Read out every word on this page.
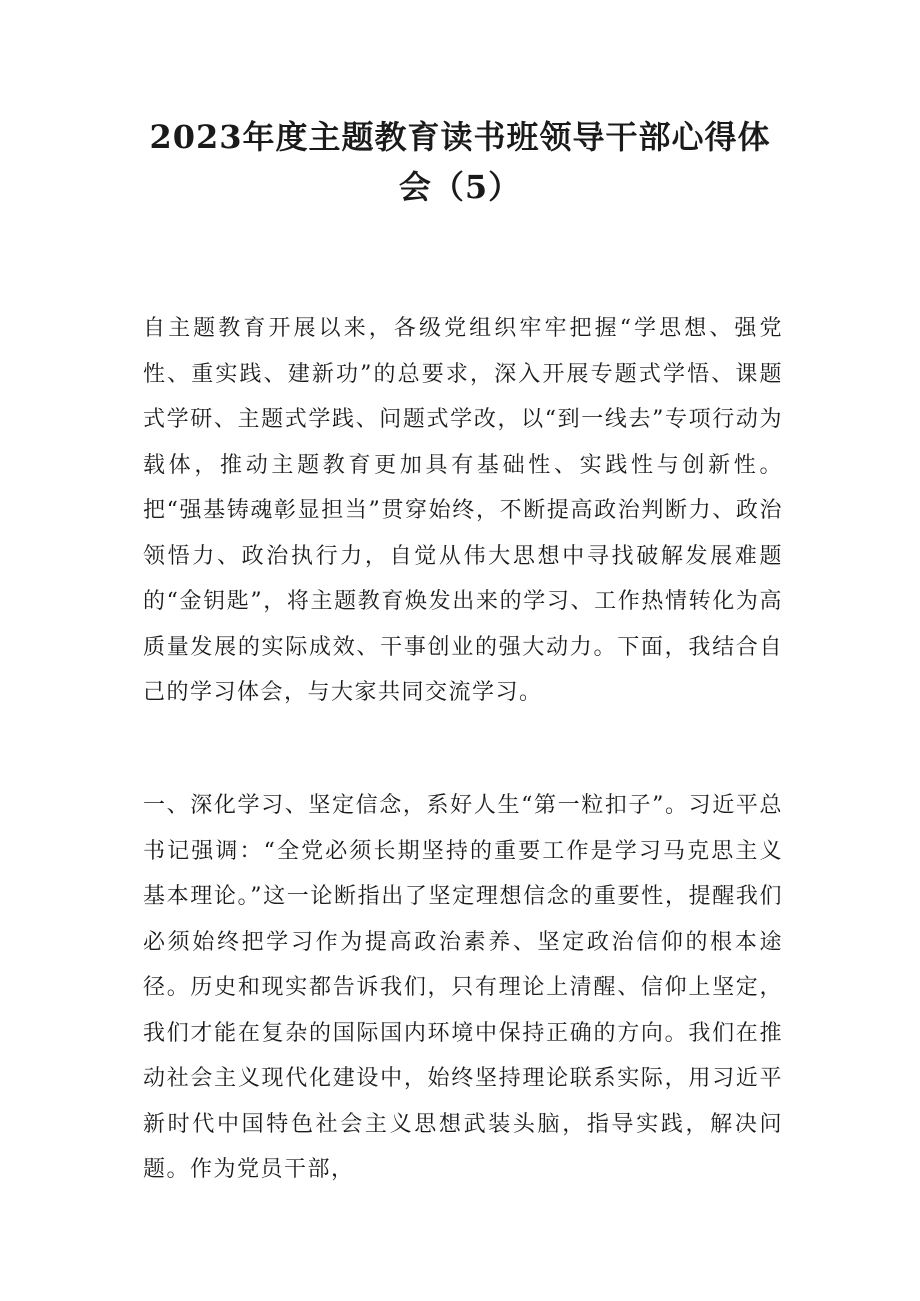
2023年度主题教育读书班领导干部心得体会（5）

自主题教育开展以来，各级党组织牢牢把握“学思想、强党性、重实践、建新功”的总要求，深入开展专题式学悟、课题式学研、主题式学践、问题式学改，以“到一线去”专项行动为载体，推动主题教育更加具有基础性、实践性与创新性。把“强基铸魂彰显担当”贯穿始终，不断提高政治判断力、政治领悟力、政治执行力，自觉从伟大思想中寻找破解发展难题的“金钥匙”，将主题教育焕发出来的学习、工作热情转化为高质量发展的实际成效、干事创业的强大动力。下面，我结合自己的学习体会，与大家共同交流学习。

一、深化学习、坚定信念，系好人生“第一粒扣子”。习近平总书记强调：“全党必须长期坚持的重要工作是学习马克思主义基本理论。”这一论断指出了坚定理想信念的重要性，提醒我们必须始终把学习作为提高政治素养、坚定政治信仰的根本途径。历史和现实都告诉我们，只有理论上清醒、信仰上坚定，我们才能在复杂的国际国内环境中保持正确的方向。我们在推动社会主义现代化建设中，始终坚持理论联系实际，用习近平新时代中国特色社会主义思想武装头脑，指导实践，解决问题。作为党员干部，
